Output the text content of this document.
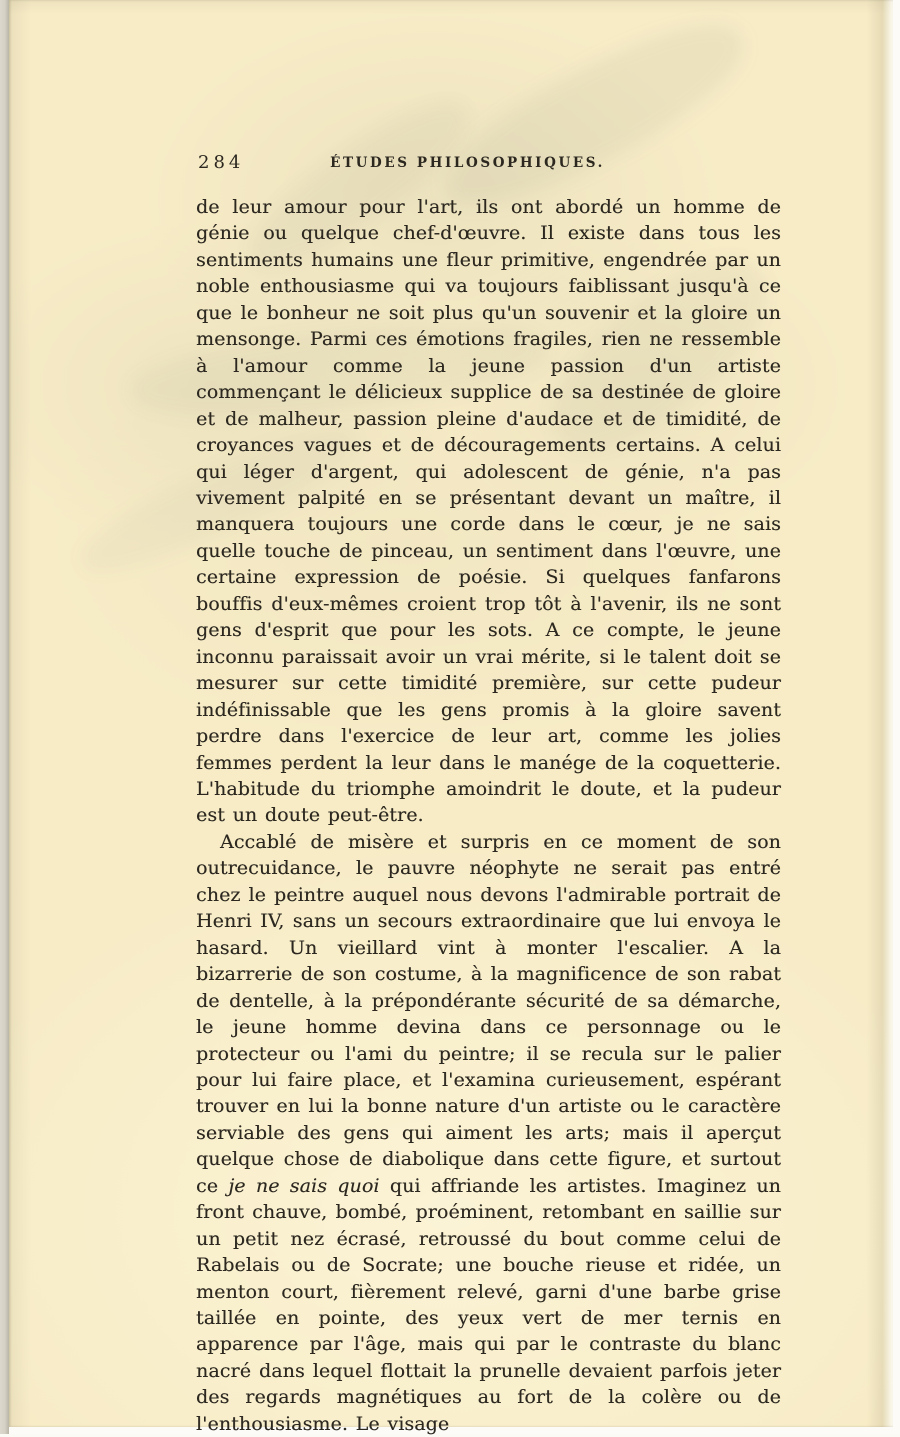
284	ÉTUDES PHILOSOPHIQUES.

de leur amour pour l'art, ils ont abordé un homme de génie ou quelque chef-d'œuvre. Il existe dans tous les sentiments humains une fleur primitive, engendrée par un noble enthousiasme qui va toujours faiblissant jusqu'à ce que le bonheur ne soit plus qu'un souvenir et la gloire un mensonge. Parmi ces émotions fragiles, rien ne ressemble à l'amour comme la jeune passion d'un artiste commençant le délicieux supplice de sa destinée de gloire et de malheur, passion pleine d'audace et de timidité, de croyances vagues et de découragements certains. A celui qui léger d'argent, qui adolescent de génie, n'a pas vivement palpité en se présentant devant un maître, il manquera toujours une corde dans le cœur, je ne sais quelle touche de pinceau, un sentiment dans l'œuvre, une certaine expression de poésie. Si quelques fanfarons bouffis d'eux-mêmes croient trop tôt à l'avenir, ils ne sont gens d'esprit que pour les sots. A ce compte, le jeune inconnu paraissait avoir un vrai mérite, si le talent doit se mesurer sur cette timidité première, sur cette pudeur indéfinissable que les gens promis à la gloire savent perdre dans l'exercice de leur art, comme les jolies femmes perdent la leur dans le manége de la coquetterie. L'habitude du triomphe amoindrit le doute, et la pudeur est un doute peut-être.

Accablé de misère et surpris en ce moment de son outrecuidance, le pauvre néophyte ne serait pas entré chez le peintre auquel nous devons l'admirable portrait de Henri IV, sans un secours extraordinaire que lui envoya le hasard. Un vieillard vint à monter l'escalier. A la bizarrerie de son costume, à la magnificence de son rabat de dentelle, à la prépondérante sécurité de sa démarche, le jeune homme devina dans ce personnage ou le protecteur ou l'ami du peintre; il se recula sur le palier pour lui faire place, et l'examina curieusement, espérant trouver en lui la bonne nature d'un artiste ou le caractère serviable des gens qui aiment les arts; mais il aperçut quelque chose de diabolique dans cette figure, et surtout ce je ne sais quoi qui affriande les artistes. Imaginez un front chauve, bombé, proéminent, retombant en saillie sur un petit nez écrasé, retroussé du bout comme celui de Rabelais ou de Socrate; une bouche rieuse et ridée, un menton court, fièrement relevé, garni d'une barbe grise taillée en pointe, des yeux vert de mer ternis en apparence par l'âge, mais qui par le contraste du blanc nacré dans lequel flottait la prunelle devaient parfois jeter des regards magnétiques au fort de la colère ou de l'enthousiasme. Le visage
